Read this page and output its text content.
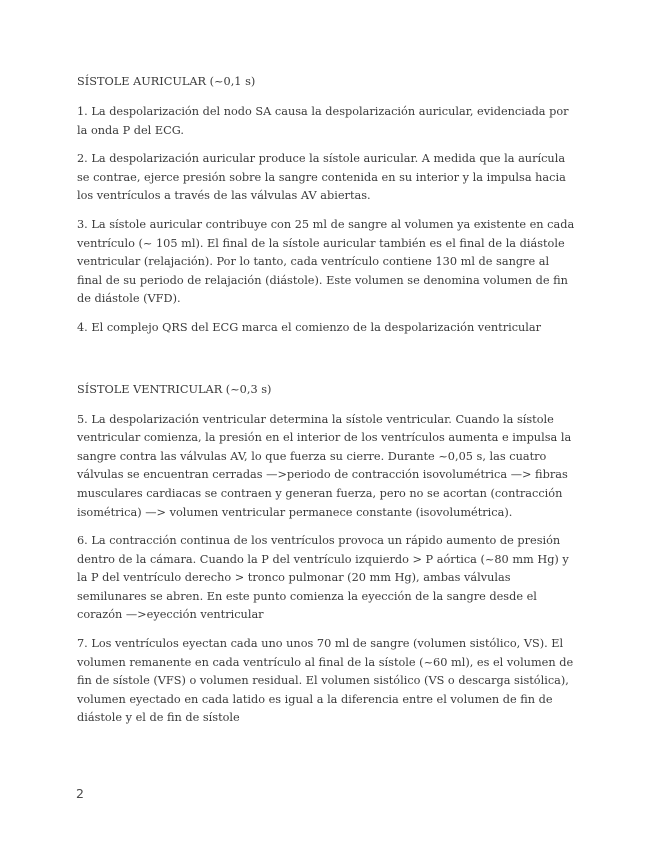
SÍSTOLE AURICULAR (~0,1 s)

1. La despolarización del nodo SA causa la despolarización auricular, evidenciada por la onda P del ECG.

2. La despolarización auricular produce la sístole auricular. A medida que la aurícula se contrae, ejerce presión sobre la sangre contenida en su interior y la impulsa hacia los ventrículos a través de las válvulas AV abiertas.

3. La sístole auricular contribuye con 25 ml de sangre al volumen ya existente en cada ventrículo (~ 105 ml). El final de la sístole auricular también es el final de la diástole ventricular (relajación). Por lo tanto, cada ventrículo contiene 130 ml de sangre al final de su periodo de relajación (diástole). Este volumen se denomina volumen de fin de diástole (VFD).

4. El complejo QRS del ECG marca el comienzo de la despolarización ventricular

SÍSTOLE VENTRICULAR (~0,3 s)

5. La despolarización ventricular determina la sístole ventricular. Cuando la sístole ventricular comienza, la presión en el interior de los ventrículos aumenta e impulsa la sangre contra las válvulas AV, lo que fuerza su cierre. Durante ~0,05 s, las cuatro válvulas se encuentran cerradas —>periodo de contracción isovolumétrica —> fibras musculares cardiacas se contraen y generan fuerza, pero no se acortan (contracción isométrica) —> volumen ventricular permanece constante (isovolumétrica).

6. La contracción continua de los ventrículos provoca un rápido aumento de presión dentro de la cámara. Cuando la P del ventrículo izquierdo > P aórtica (~80 mm Hg) y la P del ventrículo derecho > tronco pulmonar (20 mm Hg), ambas válvulas semilunares se abren. En este punto comienza la eyección de la sangre desde el corazón —>eyección ventricular

7. Los ventrículos eyectan cada uno unos 70 ml de sangre (volumen sistólico, VS). El volumen remanente en cada ventrículo al final de la sístole (~60 ml), es el volumen de fin de sístole (VFS) o volumen residual. El volumen sistólico (VS o descarga sistólica), volumen eyectado en cada latido es igual a la diferencia entre el volumen de fin de diástole y el de fin de sístole

2
